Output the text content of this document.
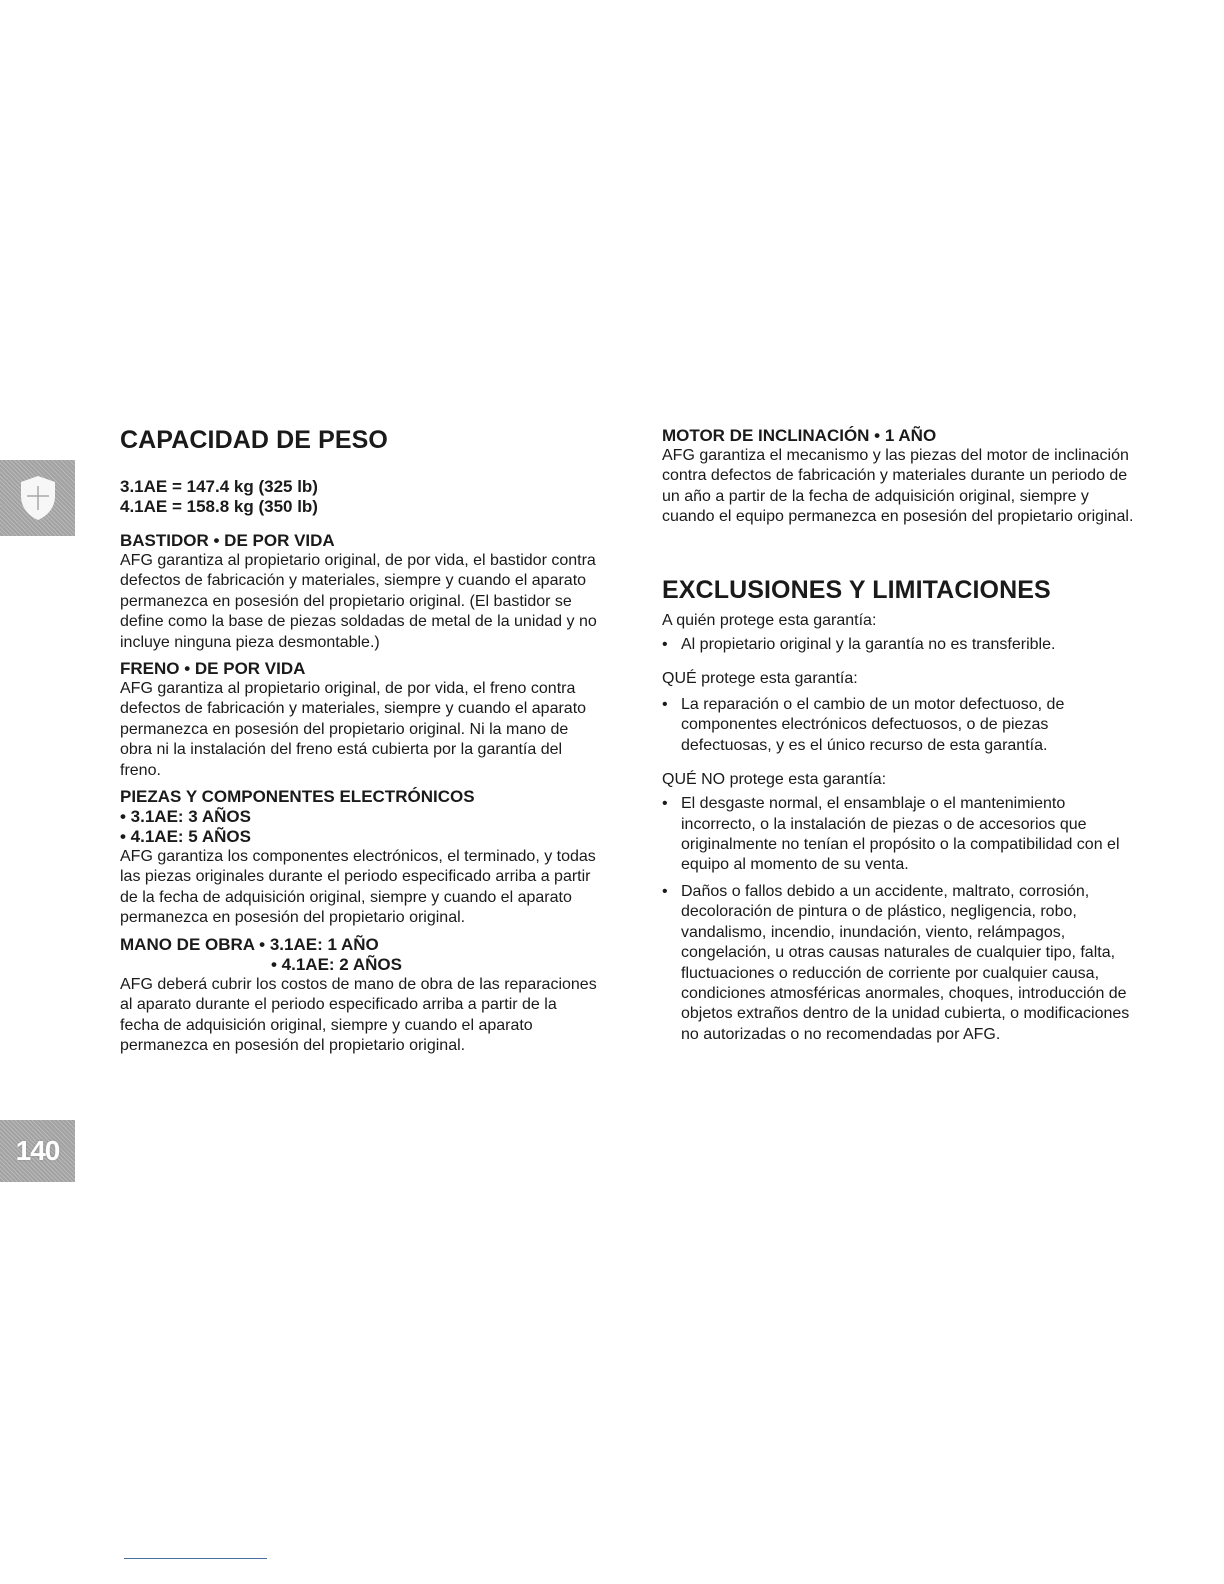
140
CAPACIDAD DE PESO
3.1AE = 147.4 kg (325 lb)
4.1AE = 158.8 kg (350 lb)
BASTIDOR • DE POR VIDA

AFG garantiza al propietario original, de por vida, el bastidor contra defectos de fabricación y materiales, siempre y cuando el aparato permanezca en posesión del propietario original. (El bastidor se define como la base de piezas soldadas de metal de la unidad y no incluye ninguna pieza desmontable.)

FRENO • DE POR VIDA

AFG garantiza al propietario original, de por vida, el freno contra defectos de fabricación y materiales, siempre y cuando el aparato permanezca en posesión del propietario original. Ni la mano de obra ni la instalación del freno está cubierta por la garantía del freno.

PIEZAS Y COMPONENTES ELECTRÓNICOS
• 3.1AE: 3 AÑOS
• 4.1AE: 5 AÑOS

AFG garantiza los componentes electrónicos, el terminado, y todas las piezas originales durante el periodo especificado arriba a partir de la fecha de adquisición original, siempre y cuando el aparato permanezca en posesión del propietario original.

MANO DE OBRA • 3.1AE: 1 AÑO
• 4.1AE: 2 AÑOS

AFG deberá cubrir los costos de mano de obra de las reparaciones al aparato durante el periodo especificado arriba a partir de la fecha de adquisición original, siempre y cuando el aparato permanezca en posesión del propietario original.

MOTOR DE INCLINACIÓN • 1 AÑO

AFG garantiza el mecanismo y las piezas del motor de inclinación contra defectos de fabricación y materiales durante un periodo de un año a partir de la fecha de adquisición original, siempre y cuando el equipo permanezca en posesión del propietario original.

EXCLUSIONES Y LIMITACIONES
A quién protege esta garantía:
• Al propietario original y la garantía no es transferible.
QUÉ protege esta garantía:
• La reparación o el cambio de un motor defectuoso, de componentes electrónicos defectuosos, o de piezas defectuosas, y es el único recurso de esta garantía.
QUÉ NO protege esta garantía:
• El desgaste normal, el ensamblaje o el mantenimiento incorrecto, o la instalación de piezas o de accesorios que originalmente no tenían el propósito o la compatibilidad con el equipo al momento de su venta.
• Daños o fallos debido a un accidente, maltrato, corrosión, decoloración de pintura o de plástico, negligencia, robo, vandalismo, incendio, inundación, viento, relámpagos, congelación, u otras causas naturales de cualquier tipo, falta, fluctuaciones o reducción de corriente por cualquier causa, condiciones atmosféricas anormales, choques, introducción de objetos extraños dentro de la unidad cubierta, o modificaciones no autorizadas o no recomendadas por AFG.
